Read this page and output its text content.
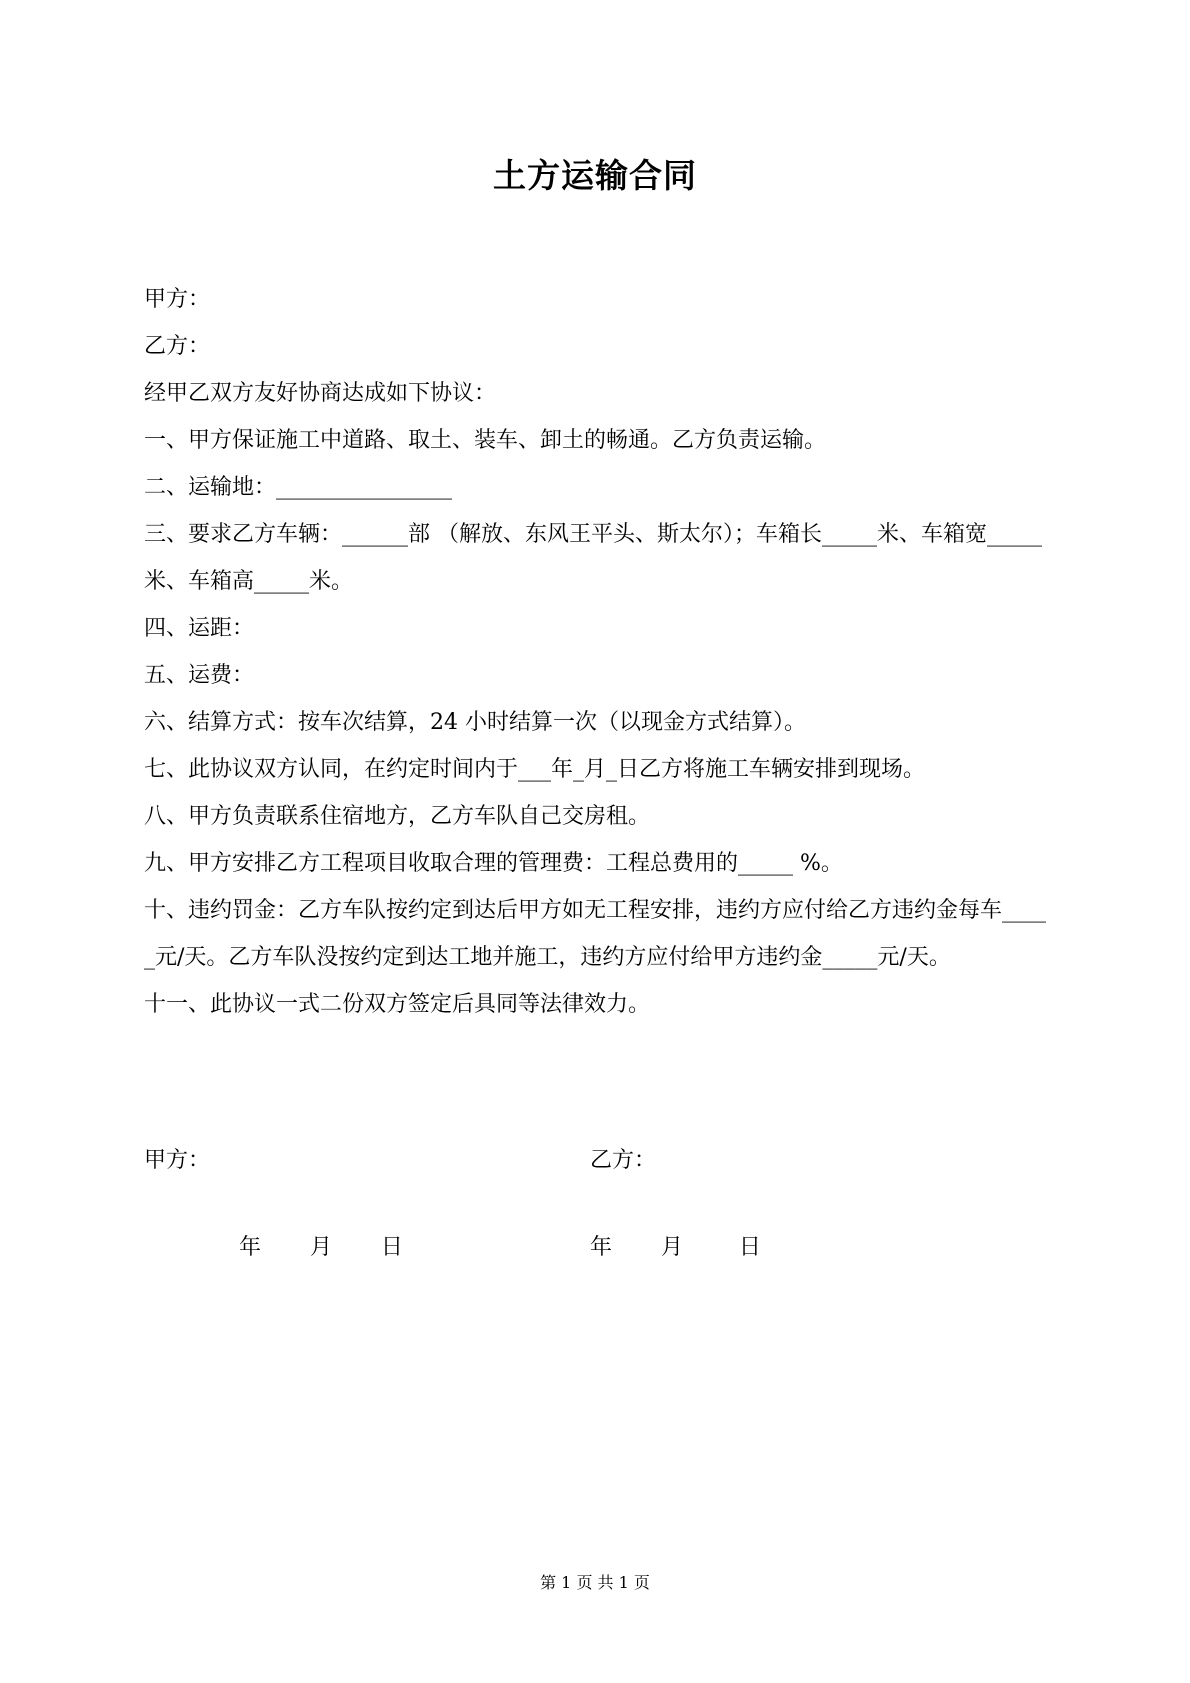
土方运输合同
甲方：
乙方：
经甲乙双方友好协商达成如下协议：
一、甲方保证施工中道路、取土、装车、卸土的畅通。乙方负责运输。
二、运输地：________________
三、要求乙方车辆：______部 （解放、东风王平头、斯太尔）；车箱长_____米、车箱宽_____米、车箱高_____米。
四、运距：
五、运费：
六、结算方式：按车次结算，24 小时结算一次（以现金方式结算）。
七、此协议双方认同，在约定时间内于___年_月_日乙方将施工车辆安排到现场。
八、甲方负责联系住宿地方，乙方车队自己交房租。
九、甲方安排乙方工程项目收取合理的管理费：工程总费用的_____ %。
十、违约罚金：乙方车队按约定到达后甲方如无工程安排，违约方应付给乙方违约金每车_____元/天。乙方车队没按约定到达工地并施工，违约方应付给甲方违约金_____元/天。
十一、此协议一式二份双方签定后具同等法律效力。
甲方：	乙方：
年       月       日	年       月        日
第 1 页 共 1 页
